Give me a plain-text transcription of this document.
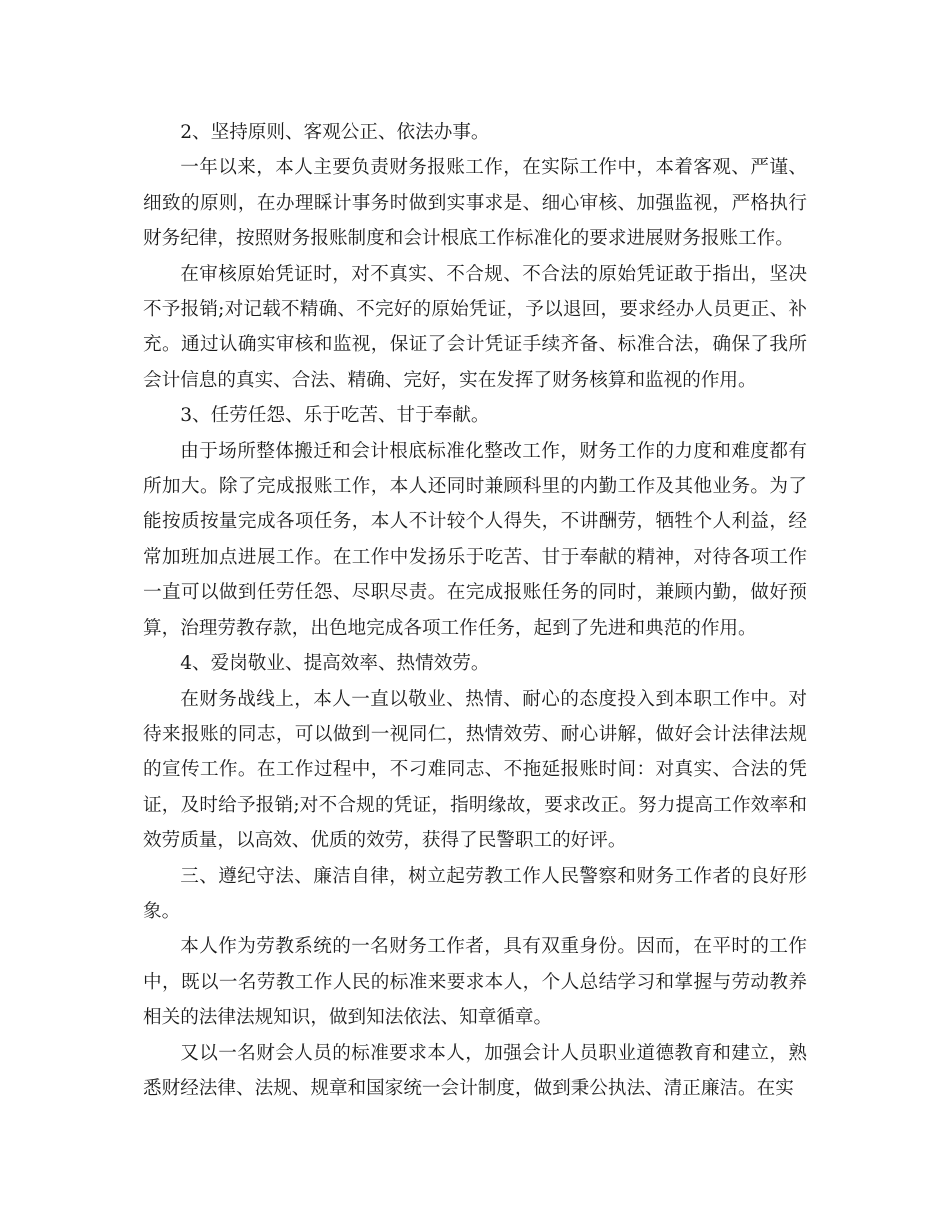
2、坚持原则、客观公正、依法办事。

一年以来，本人主要负责财务报账工作，在实际工作中，本着客观、严谨、细致的原则，在办理睬计事务时做到实事求是、细心审核、加强监视，严格执行财务纪律，按照财务报账制度和会计根底工作标准化的要求进展财务报账工作。

在审核原始凭证时，对不真实、不合规、不合法的原始凭证敢于指出，坚决不予报销;对记载不精确、不完好的原始凭证，予以退回，要求经办人员更正、补充。通过认确实审核和监视，保证了会计凭证手续齐备、标准合法，确保了我所会计信息的真实、合法、精确、完好，实在发挥了财务核算和监视的作用。

3、任劳任怨、乐于吃苦、甘于奉献。

由于场所整体搬迁和会计根底标准化整改工作，财务工作的力度和难度都有所加大。除了完成报账工作，本人还同时兼顾科里的内勤工作及其他业务。为了能按质按量完成各项任务，本人不计较个人得失，不讲酬劳，牺牲个人利益，经常加班加点进展工作。在工作中发扬乐于吃苦、甘于奉献的精神，对待各项工作一直可以做到任劳任怨、尽职尽责。在完成报账任务的同时，兼顾内勤，做好预算，治理劳教存款，出色地完成各项工作任务，起到了先进和典范的作用。

4、爱岗敬业、提高效率、热情效劳。

在财务战线上，本人一直以敬业、热情、耐心的态度投入到本职工作中。对待来报账的同志，可以做到一视同仁，热情效劳、耐心讲解，做好会计法律法规的宣传工作。在工作过程中，不刁难同志、不拖延报账时间：对真实、合法的凭证，及时给予报销;对不合规的凭证，指明缘故，要求改正。努力提高工作效率和效劳质量，以高效、优质的效劳，获得了民警职工的好评。

三、遵纪守法、廉洁自律，树立起劳教工作人民警察和财务工作者的良好形象。

本人作为劳教系统的一名财务工作者，具有双重身份。因而，在平时的工作中，既以一名劳教工作人民的标准来要求本人，个人总结学习和掌握与劳动教养相关的法律法规知识，做到知法依法、知章循章。

又以一名财会人员的标准要求本人，加强会计人员职业道德教育和建立，熟悉财经法律、法规、规章和国家统一会计制度，做到秉公执法、清正廉洁。在实
